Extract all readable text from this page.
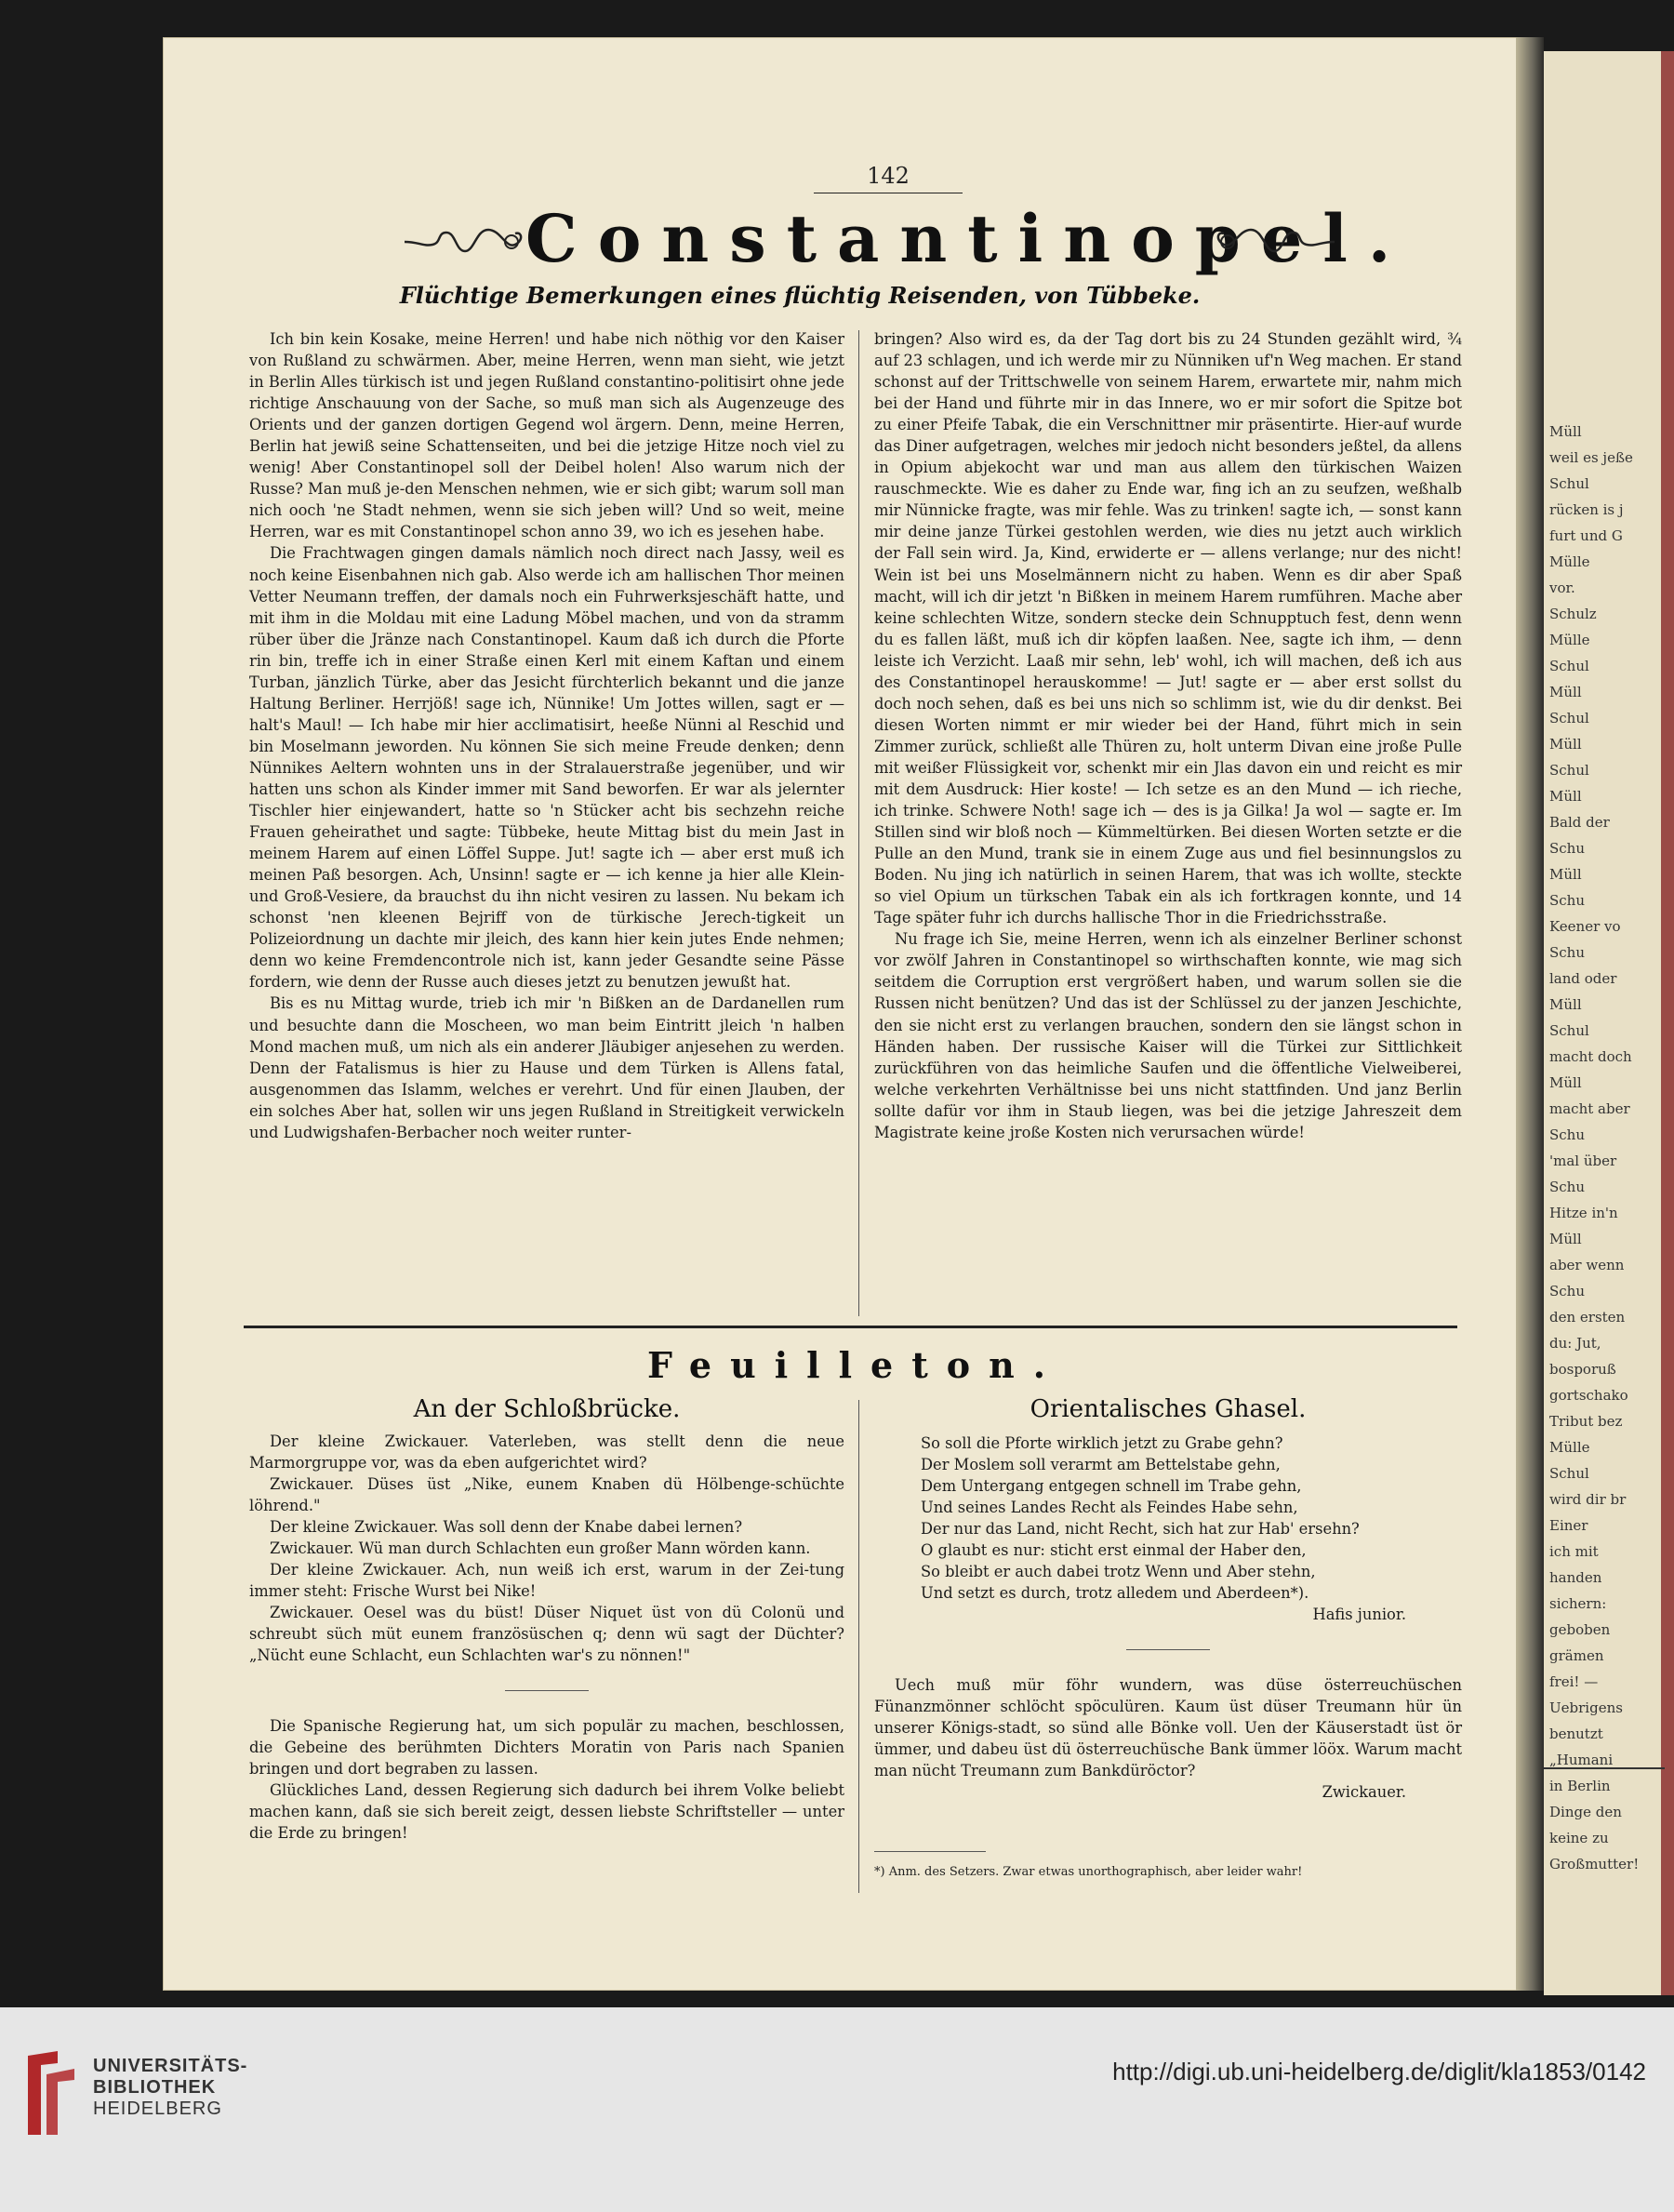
Müll
weil es jeße
Schul
rücken is j
furt und G
Mülle
vor.
Schulz
Mülle
Schul
Müll
Schul
Müll
Schul
Müll
Bald der
Schu
Müll
Schu
Keener vo
Schu
land oder
Müll
Schul
macht doch
Müll
macht aber
Schu
'mal über
Schu
Hitze in'n
Müll
aber wenn
Schu
den ersten
du: Jut,
bosporuß
gortschako
Tribut bez
Mülle
Schul
wird dir br
Einer
ich mit
handen
sichern:
geboben
grämen
frei! —
Uebrigens
benutzt
„Humani
in Berlin
Dinge den
keine zu
Großmutter!
142
Constantinopel.
Flüchtige Bemerkungen eines flüchtig Reisenden, von Tübbeke.

Ich bin kein Kosake, meine Herren! und habe nich nöthig vor den Kaiser von Rußland zu schwärmen. Aber, meine Herren, wenn man sieht, wie jetzt in Berlin Alles türkisch ist und jegen Rußland constantino-politisirt ohne jede richtige Anschauung von der Sache, so muß man sich als Augenzeuge des Orients und der ganzen dortigen Gegend wol ärgern. Denn, meine Herren, Berlin hat jewiß seine Schattenseiten, und bei die jetzige Hitze noch viel zu wenig! Aber Constantinopel soll der Deibel holen! Also warum nich der Russe? Man muß je-den Menschen nehmen, wie er sich gibt; warum soll man nich ooch 'ne Stadt nehmen, wenn sie sich jeben will? Und so weit, meine Herren, war es mit Constantinopel schon anno 39, wo ich es jesehen habe.

Die Frachtwagen gingen damals nämlich noch direct nach Jassy, weil es noch keine Eisenbahnen nich gab. Also werde ich am hallischen Thor meinen Vetter Neumann treffen, der damals noch ein Fuhrwerksjeschäft hatte, und mit ihm in die Moldau mit eine Ladung Möbel machen, und von da stramm rüber über die Jränze nach Constantinopel. Kaum daß ich durch die Pforte rin bin, treffe ich in einer Straße einen Kerl mit einem Kaftan und einem Turban, jänzlich Türke, aber das Jesicht fürchterlich bekannt und die janze Haltung Berliner. Herrjöß! sage ich, Nünnike! Um Jottes willen, sagt er — halt's Maul! — Ich habe mir hier acclimatisirt, heeße Nünni al Reschid und bin Moselmann jeworden. Nu können Sie sich meine Freude denken; denn Nünnikes Aeltern wohnten uns in der Stralauerstraße jegenüber, und wir hatten uns schon als Kinder immer mit Sand beworfen. Er war als jelernter Tischler hier einjewandert, hatte so 'n Stücker acht bis sechzehn reiche Frauen geheirathet und sagte: Tübbeke, heute Mittag bist du mein Jast in meinem Harem auf einen Löffel Suppe. Jut! sagte ich — aber erst muß ich meinen Paß besorgen. Ach, Unsinn! sagte er — ich kenne ja hier alle Klein- und Groß-Vesiere, da brauchst du ihn nicht vesiren zu lassen. Nu bekam ich schonst 'nen kleenen Bejriff von de türkische Jerech-tigkeit un Polizeiordnung un dachte mir jleich, des kann hier kein jutes Ende nehmen; denn wo keine Fremdencontrole nich ist, kann jeder Gesandte seine Pässe fordern, wie denn der Russe auch dieses jetzt zu benutzen jewußt hat.

Bis es nu Mittag wurde, trieb ich mir 'n Bißken an de Dardanellen rum und besuchte dann die Moscheen, wo man beim Eintritt jleich 'n halben Mond machen muß, um nich als ein anderer Jläubiger anjesehen zu werden. Denn der Fatalismus is hier zu Hause und dem Türken is Allens fatal, ausgenommen das Islamm, welches er verehrt. Und für einen Jlauben, der ein solches Aber hat, sollen wir uns jegen Rußland in Streitigkeit verwickeln und Ludwigshafen-Berbacher noch weiter runter-

bringen? Also wird es, da der Tag dort bis zu 24 Stunden gezählt wird, ¾ auf 23 schlagen, und ich werde mir zu Nünniken uf'n Weg machen. Er stand schonst auf der Trittschwelle von seinem Harem, erwartete mir, nahm mich bei der Hand und führte mir in das Innere, wo er mir sofort die Spitze bot zu einer Pfeife Tabak, die ein Verschnittner mir präsentirte. Hier-auf wurde das Diner aufgetragen, welches mir jedoch nicht besonders jeßtel, da allens in Opium abjekocht war und man aus allem den türkischen Waizen rauschmeckte. Wie es daher zu Ende war, fing ich an zu seufzen, weßhalb mir Nünnicke fragte, was mir fehle. Was zu trinken! sagte ich, — sonst kann mir deine janze Türkei gestohlen werden, wie dies nu jetzt auch wirklich der Fall sein wird. Ja, Kind, erwiderte er — allens verlange; nur des nicht! Wein ist bei uns Moselmännern nicht zu haben. Wenn es dir aber Spaß macht, will ich dir jetzt 'n Bißken in meinem Harem rumführen. Mache aber keine schlechten Witze, sondern stecke dein Schnupptuch fest, denn wenn du es fallen läßt, muß ich dir köpfen laaßen. Nee, sagte ich ihm, — denn leiste ich Verzicht. Laaß mir sehn, leb' wohl, ich will machen, deß ich aus des Constantinopel herauskomme! — Jut! sagte er — aber erst sollst du doch noch sehen, daß es bei uns nich so schlimm ist, wie du dir denkst. Bei diesen Worten nimmt er mir wieder bei der Hand, führt mich in sein Zimmer zurück, schließt alle Thüren zu, holt unterm Divan eine jroße Pulle mit weißer Flüssigkeit vor, schenkt mir ein Jlas davon ein und reicht es mir mit dem Ausdruck: Hier koste! — Ich setze es an den Mund — ich rieche, ich trinke. Schwere Noth! sage ich — des is ja Gilka! Ja wol — sagte er. Im Stillen sind wir bloß noch — Kümmeltürken. Bei diesen Worten setzte er die Pulle an den Mund, trank sie in einem Zuge aus und fiel besinnungslos zu Boden. Nu jing ich natürlich in seinen Harem, that was ich wollte, steckte so viel Opium un türkschen Tabak ein als ich fortkragen konnte, und 14 Tage später fuhr ich durchs hallische Thor in die Friedrichsstraße.

Nu frage ich Sie, meine Herren, wenn ich als einzelner Berliner schonst vor zwölf Jahren in Constantinopel so wirthschaften konnte, wie mag sich seitdem die Corruption erst vergrößert haben, und warum sollen sie die Russen nicht benützen? Und das ist der Schlüssel zu der janzen Jeschichte, den sie nicht erst zu verlangen brauchen, sondern den sie längst schon in Händen haben. Der russische Kaiser will die Türkei zur Sittlichkeit zurückführen von das heimliche Saufen und die öffentliche Vielweiberei, welche verkehrten Verhältnisse bei uns nicht stattfinden. Und janz Berlin sollte dafür vor ihm in Staub liegen, was bei die jetzige Jahreszeit dem Magistrate keine jroße Kosten nich verursachen würde!

Feuilleton.
An der Schloßbrücke.	Orientalisches Ghasel.

Der kleine Zwickauer. Vaterleben, was stellt denn die neue Marmorgruppe vor, was da eben aufgerichtet wird?

Zwickauer. Düses üst „Nike, eunem Knaben dü Hölbenge-schüchte löhrend."

Der kleine Zwickauer. Was soll denn der Knabe dabei lernen?

Zwickauer. Wü man durch Schlachten eun großer Mann wörden kann.

Der kleine Zwickauer. Ach, nun weiß ich erst, warum in der Zei-tung immer steht: Frische Wurst bei Nike!

Zwickauer. Oesel was du büst! Düser Niquet üst von dü Colonü und schreubt süch müt eunem französüschen q; denn wü sagt der Düchter? „Nücht eune Schlacht, eun Schlachten war's zu nönnen!"

Die Spanische Regierung hat, um sich populär zu machen, beschlossen, die Gebeine des berühmten Dichters Moratin von Paris nach Spanien bringen und dort begraben zu lassen.

Glückliches Land, dessen Regierung sich dadurch bei ihrem Volke beliebt machen kann, daß sie sich bereit zeigt, dessen liebste Schriftsteller — unter die Erde zu bringen!

So soll die Pforte wirklich jetzt zu Grabe gehn?
Der Moslem soll verarmt am Bettelstabe gehn,
Dem Untergang entgegen schnell im Trabe gehn,
Und seines Landes Recht als Feindes Habe sehn,
Der nur das Land, nicht Recht, sich hat zur Hab' ersehn?
O glaubt es nur: sticht erst einmal der Haber den,
So bleibt er auch dabei trotz Wenn und Aber stehn,
Und setzt es durch, trotz alledem und Aberdeen*).
Hafis junior.

Uech muß mür föhr wundern, was düse österreuchüschen Fünanzmönner schlöcht spöculüren. Kaum üst düser Treumann hür ün unserer Königs-stadt, so sünd alle Bönke voll. Uen der Käuserstadt üst ör ümmer, und dabeu üst dü österreuchüsche Bank ümmer lööx. Warum macht man nücht Treumann zum Bankdüröctor?

Zwickauer.
*) Anm. des Setzers. Zwar etwas unorthographisch, aber leider wahr!
UNIVERSITÄTS-
BIBLIOTHEK
HEIDELBERG
http://digi.ub.uni-heidelberg.de/diglit/kla1853/0142
